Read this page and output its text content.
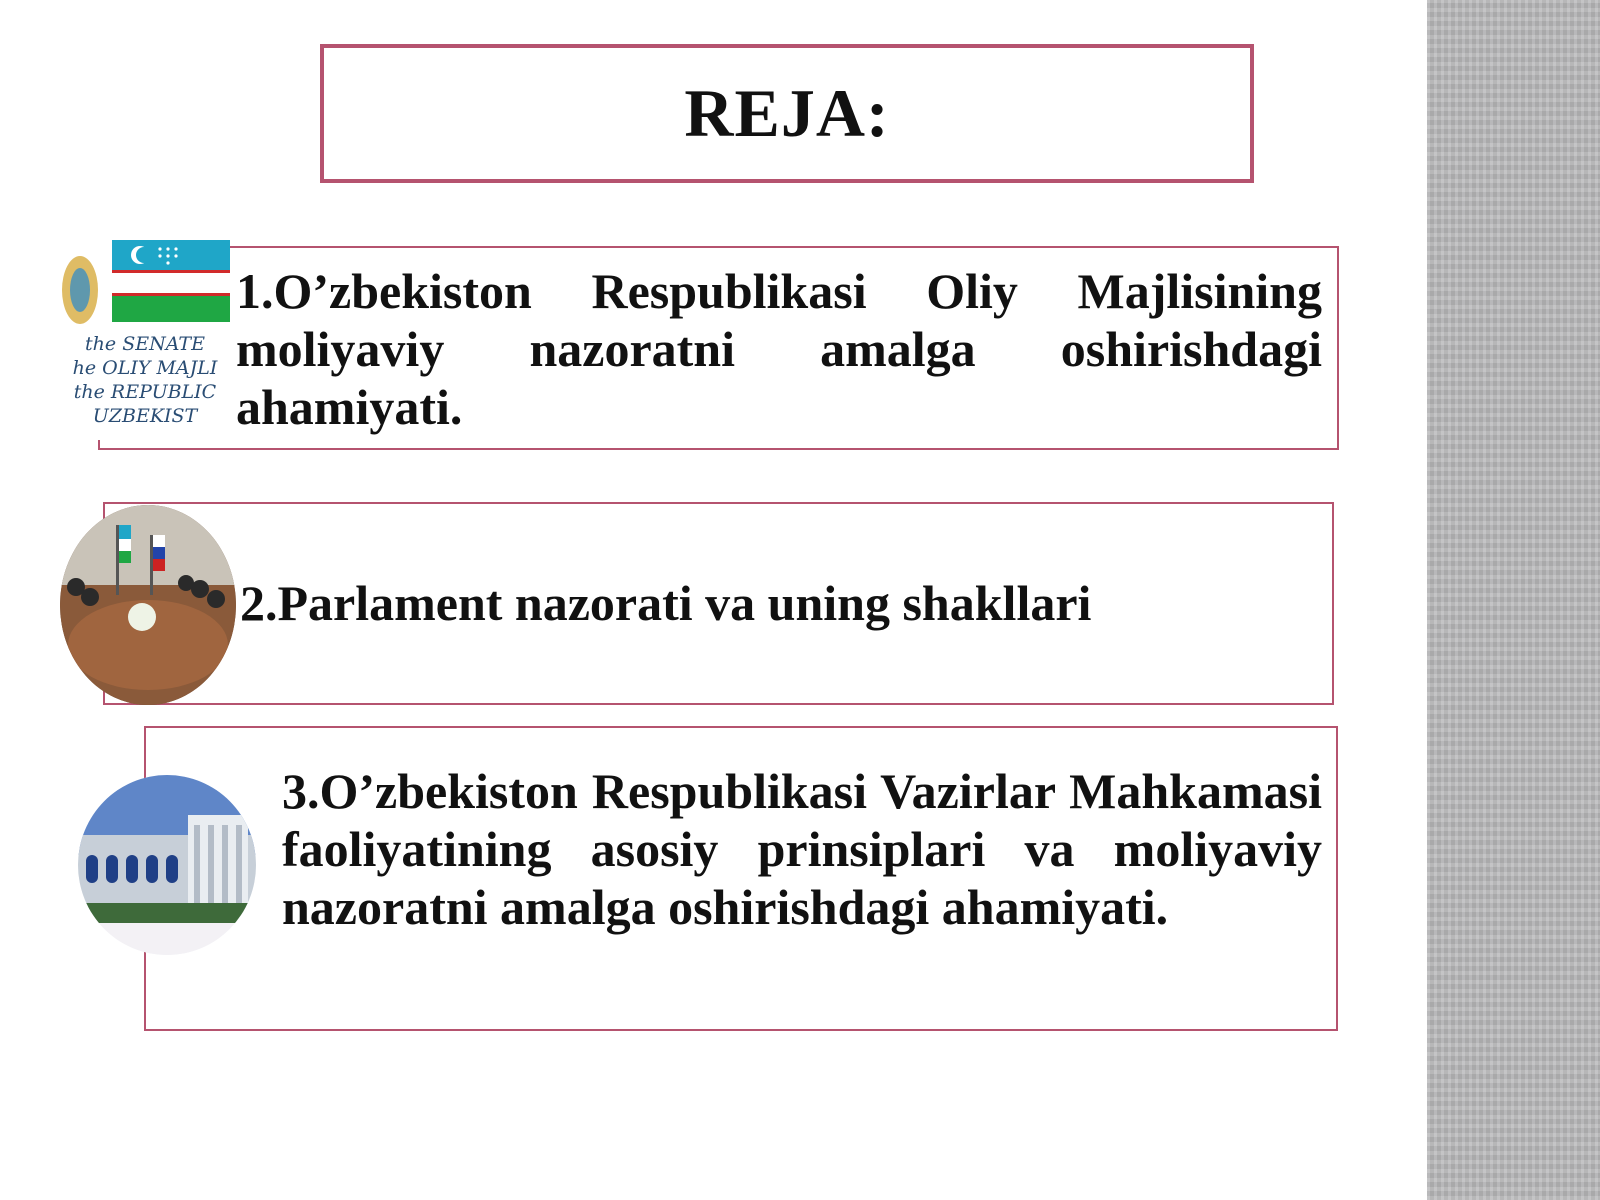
REJA:
the SENATE
he OLIY MAJLI
the REPUBLIC
UZBEKIST
1.O’zbekiston Respublikasi Oliy Majlisining moliyaviy nazoratni amalga oshirishdagi ahamiyati.
2.Parlament nazorati va uning shakllari
3.O’zbekiston Respublikasi Vazirlar Mahkamasi faoliyatining asosiy prinsiplari va moliyaviy nazoratni amalga oshirishdagi ahamiyati.
